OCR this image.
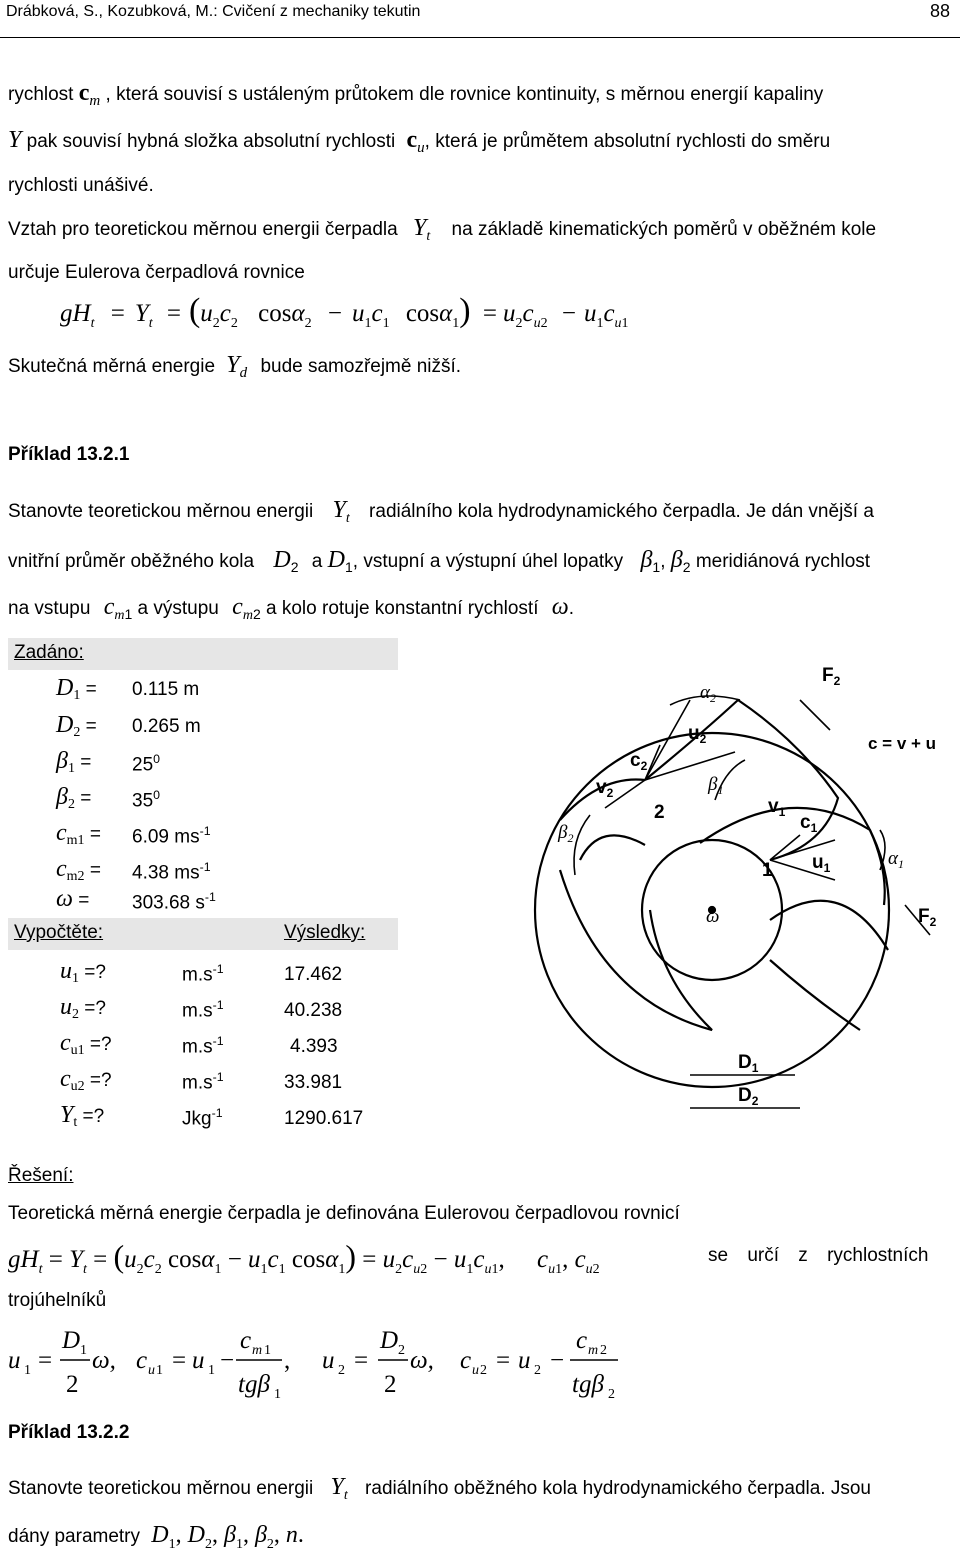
Drábková, S., Kozubková, M.: Cvičení z mechaniky tekutin	88
rychlost $c_m$ , která souvisí s ustáleným průtokem dle rovnice kontinuity, s měrnou energií kapaliny
Y pak souvisí hybná složka absolutní rychlosti $c_u$, která je průmětem absolutní rychlosti do směru
rychlosti unášivé.
Vztah pro teoretickou měrnou energii čerpadla $Y_t$ na základě kinematických poměrů v oběžném kole
určuje Eulerova čerpadlová rovnice
$gH_t = Y_t = (u_2c_2$ $\cos\alpha_2 - u_1c_1$ $\cos\alpha_1) = u_2c_{u2} - u_1c_{u1}$
Skutečná měrná energie $Y_d$ bude samozřejmě nižší.
Příklad 13.2.1
Stanovte teoretickou měrnou energii $Y_t$ radiálního kola hydrodynamického čerpadla. Je dán vnější a
vnitřní průměr oběžného kola $D_2$ a $D_1$, vstupní a výstupní úhel lopatky $\beta_1$, $\beta_2$ meridiánová rychlost
na vstupu $c_{m1}$ a výstupu $c_{m2}$ a kolo rotuje konstantní rychlostí ω.
Zadáno:
$D_1 = 0.115$ m
$D_2 = 0.265$ m
$\beta_1 = 25^0$
$\beta_2 = 35^0$
$c_{m1} = 6.09$ $ms^{-1}$
$c_{m2} = 4.38$ $ms^{-1}$
ω = 303.68 $s^{-1}$
Vypočtěte:	Výsledky:
$u_1$ =?	$m.s^{-1}$	17.462
$u_2$ =?	$m.s^{-1}$	40.238
$c_{u1}$ =?	$m.s^{-1}$	4.393
$c_{u2}$ =?	$m.s^{-1}$	33.981
$Y_t$ =?	Jkg$^{-1}$	1290.617
$\alpha_2$
$F_2$
$u_2$
$c_2$
$v_2$
$\beta_2$
$\beta_1$
2	$v_1$ $c_1$
1 $u_1$	$\alpha_1$
ω	$F_2$
$D_1$
$D_2$
c = v + u
Řešení:
Teoretická měrná energie čerpadla je definována Eulerovou čerpadlovou rovnicí
$gH_t = Y_t = (u_2c_2$ $\cos\alpha_1 - u_1c_1$ $\cos\alpha_1) = u_2c_{u2} - u_1c_{u1}$, $c_{u1}$, $c_{u2}$
se určí z rychlostních
trojúhelníků
u 1 =
D 1
2
ω, c u 1 = u 1 −
c m 1
tgβ 1
, u 2 =
D 2
2
ω, c u 2 = u 2 −
c m 2
tgβ 2
Příklad 13.2.2
Stanovte teoretickou měrnou energii $Y_t$ radiálního oběžného kola hydrodynamického čerpadla. Jsou
dány parametry $D_1$, $D_2$, $\beta_1$, $\beta_2$, n.
